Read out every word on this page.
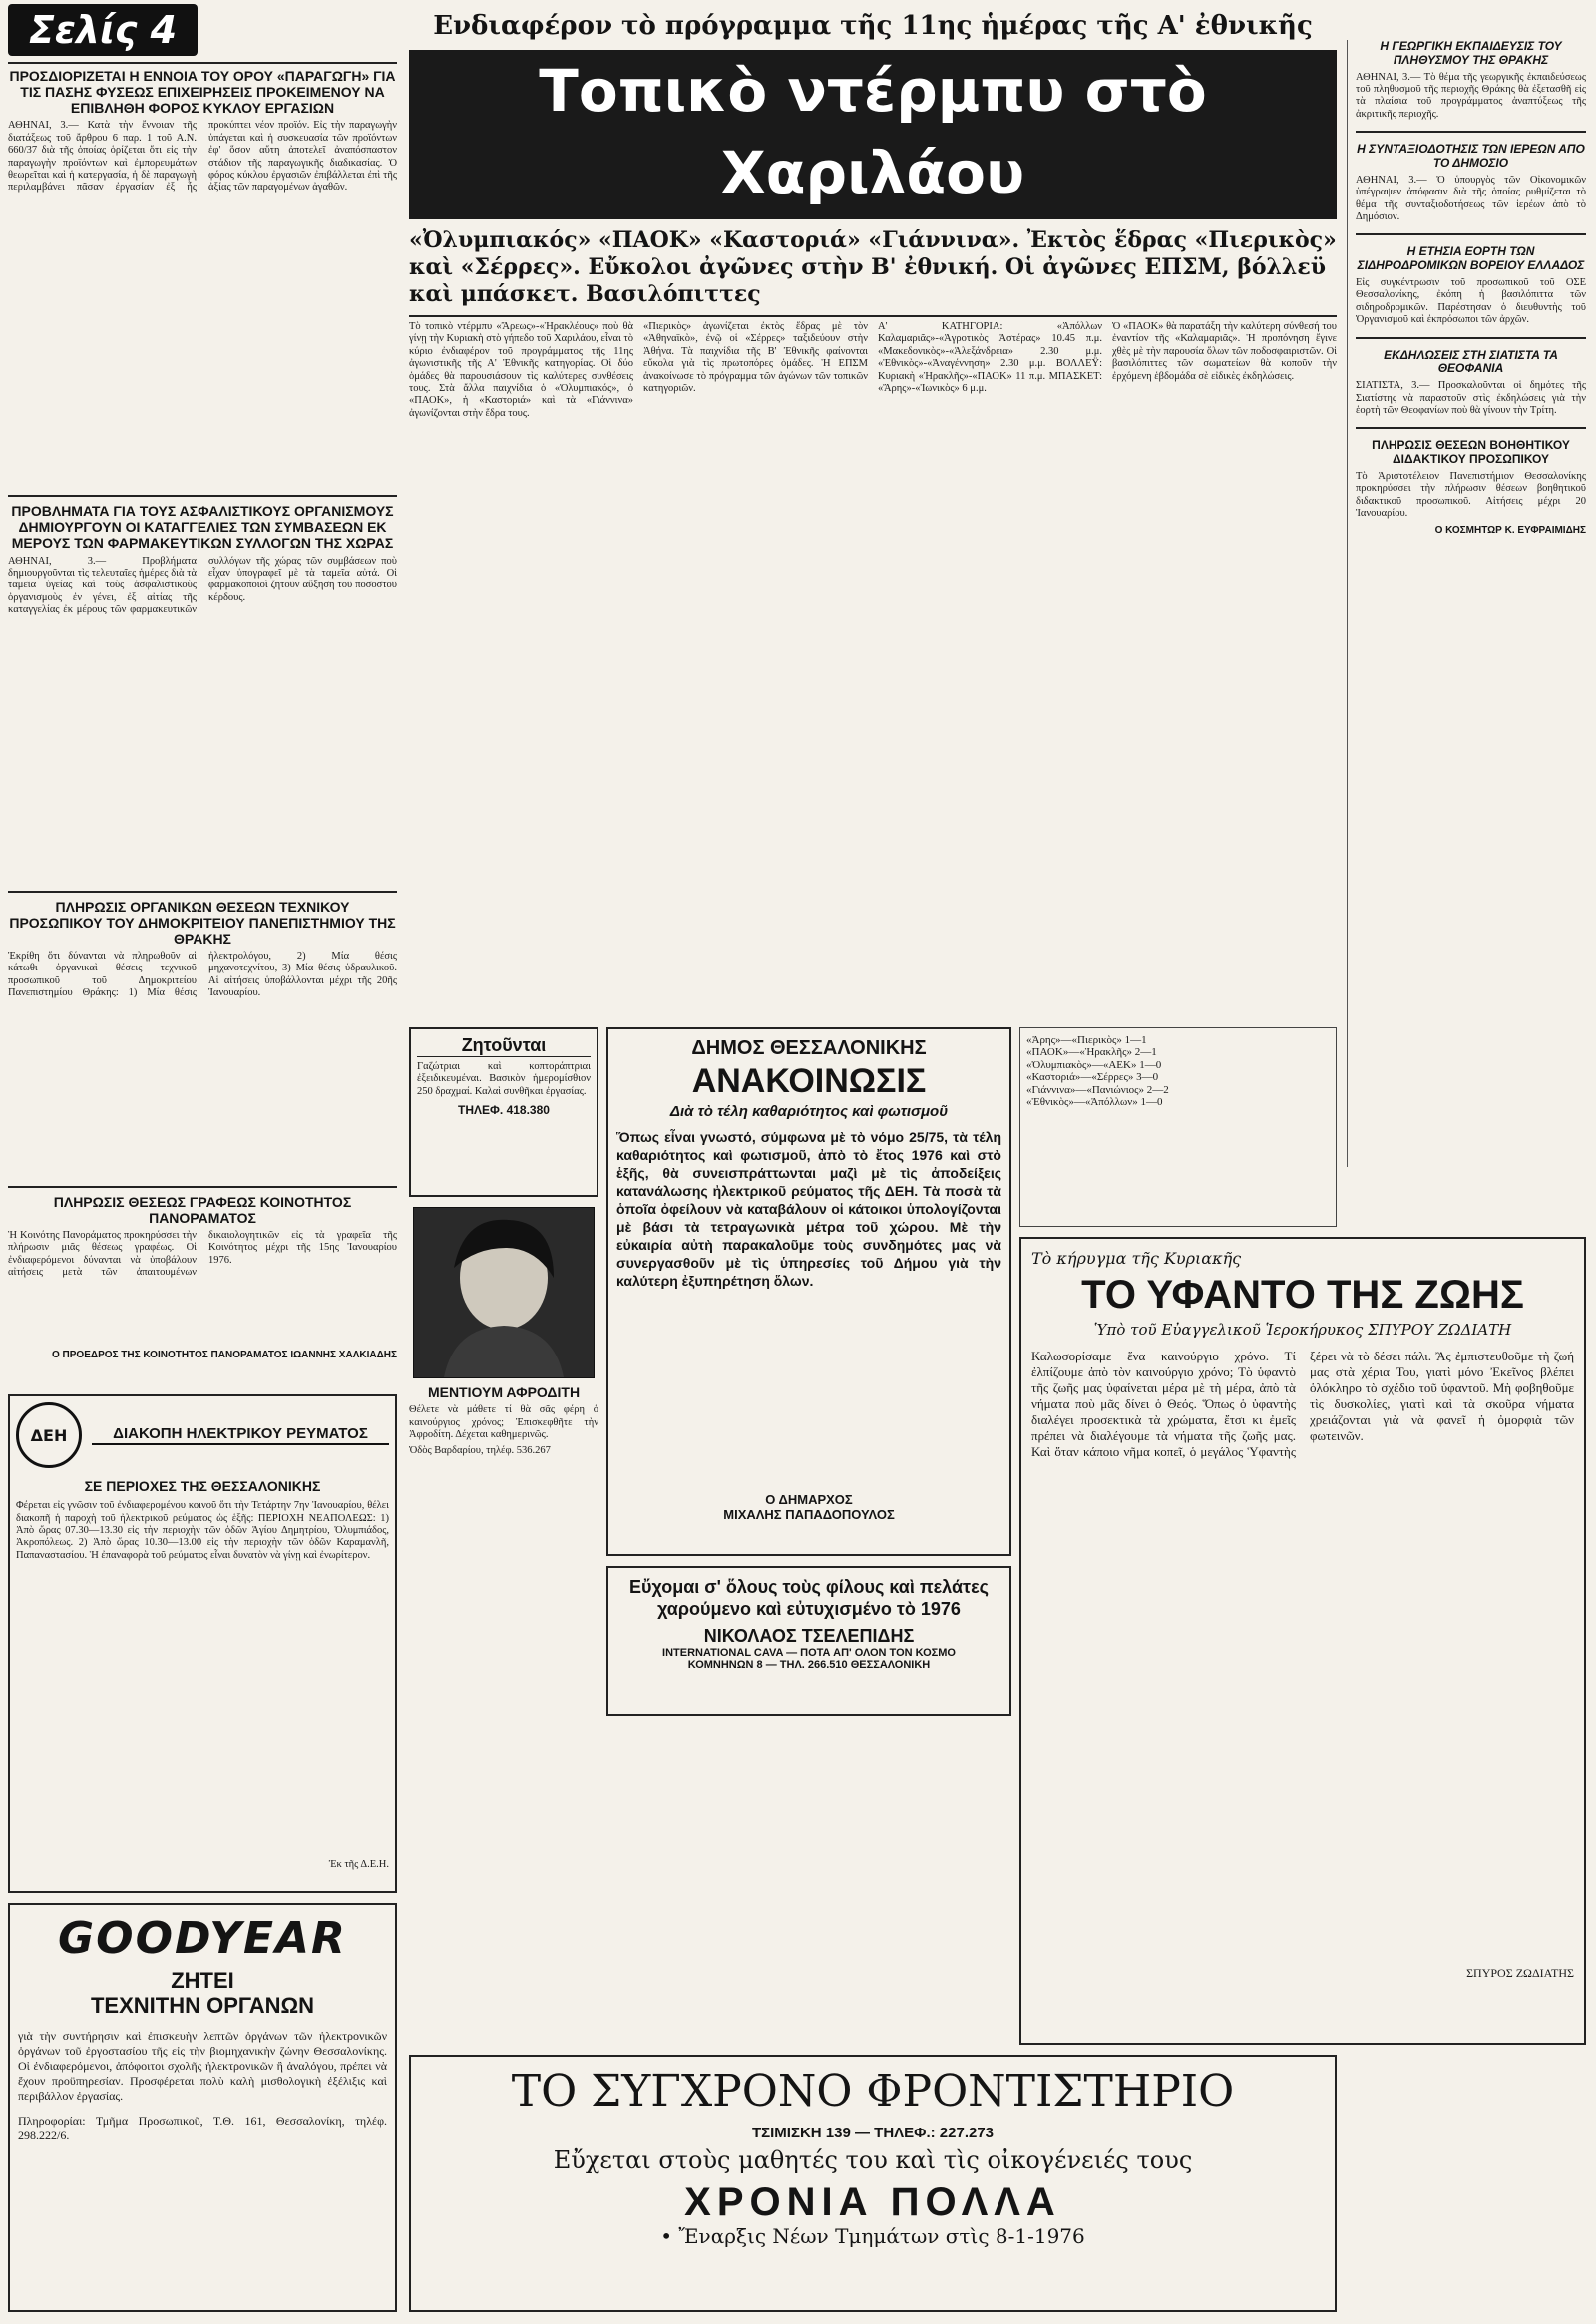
Σελίς 4
ΠΡΟΣΔΙΟΡΙΖΕΤΑΙ Η ΕΝΝΟΙΑ ΤΟΥ ΟΡΟΥ «ΠΑΡΑΓΩΓΗ» ΓΙΑ ΤΙΣ ΠΑΣΗΣ ΦΥΣΕΩΣ ΕΠΙΧΕΙΡΗΣΕΙΣ ΠΡΟΚΕΙΜΕΝΟΥ ΝΑ ΕΠΙΒΛΗΘΗ ΦΟΡΟΣ ΚΥΚΛΟΥ ΕΡΓΑΣΙΩΝ
ΑΘΗΝΑΙ, 3.— Κατὰ τὴν ἔννοιαν τῆς διατάξεως τοῦ ἄρθρου 6 παρ. 1 τοῦ Α.Ν. 660/37 διὰ τῆς ὁποίας ὁρίζεται ὅτι εἰς τὴν παραγωγὴν προϊόντων καὶ ἐμπορευμάτων θεωρεῖται καὶ ἡ κατεργασία, ἡ δὲ παραγωγὴ περιλαμβάνει πᾶσαν ἐργασίαν ἐξ ἧς προκύπτει νέον προϊόν. Εἰς τὴν παραγωγὴν ὑπάγεται καὶ ἡ συσκευασία τῶν προϊόντων ἐφ' ὅσον αὕτη ἀποτελεῖ ἀναπόσπαστον στάδιον τῆς παραγωγικῆς διαδικασίας. Ὁ φόρος κύκλου ἐργασιῶν ἐπιβάλλεται ἐπὶ τῆς ἀξίας τῶν παραγομένων ἀγαθῶν.
ΠΡΟΒΛΗΜΑΤΑ ΓΙΑ ΤΟΥΣ ΑΣΦΑΛΙΣΤΙΚΟΥΣ ΟΡΓΑΝΙΣΜΟΥΣ ΔΗΜΙΟΥΡΓΟΥΝ ΟΙ ΚΑΤΑΓΓΕΛΙΕΣ ΤΩΝ ΣΥΜΒΑΣΕΩΝ ΕΚ ΜΕΡΟΥΣ ΤΩΝ ΦΑΡΜΑΚΕΥΤΙΚΩΝ ΣΥΛΛΟΓΩΝ ΤΗΣ ΧΩΡΑΣ
ΑΘΗΝΑΙ, 3.— Προβλήματα δημιουργοῦνται τὶς τελευταῖες ἡμέρες διὰ τὰ ταμεῖα ὑγείας καὶ τοὺς ἀσφαλιστικοὺς ὀργανισμοὺς ἐν γένει, ἐξ αἰτίας τῆς καταγγελίας ἐκ μέρους τῶν φαρμακευτικῶν συλλόγων τῆς χώρας τῶν συμβάσεων ποὺ εἶχαν ὑπογραφεῖ μὲ τὰ ταμεῖα αὐτά. Οἱ φαρμακοποιοὶ ζητοῦν αὔξηση τοῦ ποσοστοῦ κέρδους.
ΠΛΗΡΩΣΙΣ ΟΡΓΑΝΙΚΩΝ ΘΕΣΕΩΝ ΤΕΧΝΙΚΟΥ ΠΡΟΣΩΠΙΚΟΥ ΤΟΥ ΔΗΜΟΚΡΙΤΕΙΟΥ ΠΑΝΕΠΙΣΤΗΜΙΟΥ ΤΗΣ ΘΡΑΚΗΣ
Ἐκρίθη ὅτι δύνανται νὰ πληρωθοῦν αἱ κάτωθι ὀργανικαὶ θέσεις τεχνικοῦ προσωπικοῦ τοῦ Δημοκριτείου Πανεπιστημίου Θράκης: 1) Μία θέσις ἠλεκτρολόγου, 2) Μία θέσις μηχανοτεχνίτου, 3) Μία θέσις ὑδραυλικοῦ. Αἱ αἰτήσεις ὑποβάλλονται μέχρι τῆς 20ῆς Ἰανουαρίου.
ΠΛΗΡΩΣΙΣ ΘΕΣΕΩΣ ΓΡΑΦΕΩΣ ΚΟΙΝΟΤΗΤΟΣ ΠΑΝΟΡΑΜΑΤΟΣ
Ἡ Κοινότης Πανοράματος προκηρύσσει τὴν πλήρωσιν μιᾶς θέσεως γραφέως. Οἱ ἐνδιαφερόμενοι δύνανται νὰ ὑποβάλουν αἰτήσεις μετὰ τῶν ἀπαιτουμένων δικαιολογητικῶν εἰς τὰ γραφεῖα τῆς Κοινότητος μέχρι τῆς 15ης Ἰανουαρίου 1976.
Ο ΠΡΟΕΔΡΟΣ ΤΗΣ ΚΟΙΝΟΤΗΤΟΣ ΠΑΝΟΡΑΜΑΤΟΣ ΙΩΑΝΝΗΣ ΧΑΛΚΙΑΔΗΣ
ΔΕΗ	ΔΙΑΚΟΠΗ ΗΛΕΚΤΡΙΚΟΥ ΡΕΥΜΑΤΟΣ
ΣΕ ΠΕΡΙΟΧΕΣ ΤΗΣ ΘΕΣΣΑΛΟΝΙΚΗΣ
Φέρεται εἰς γνῶσιν τοῦ ἐνδιαφερομένου κοινοῦ ὅτι τὴν Τετάρτην 7ην Ἰανουαρίου, θέλει διακοπῆ ἡ παροχὴ τοῦ ἠλεκτρικοῦ ρεύματος ὡς ἑξῆς: ΠΕΡΙΟΧΗ ΝΕΑΠΟΛΕΩΣ: 1) Ἀπὸ ὥρας 07.30—13.30 εἰς τὴν περιοχὴν τῶν ὁδῶν Ἀγίου Δημητρίου, Ὀλυμπιάδος, Ἀκροπόλεως. 2) Ἀπὸ ὥρας 10.30—13.00 εἰς τὴν περιοχὴν τῶν ὁδῶν Καραμανλῆ, Παπαναστασίου. Ἡ ἐπαναφορὰ τοῦ ρεύματος εἶναι δυνατὸν νὰ γίνῃ καὶ ἐνωρίτερον.
Ἐκ τῆς Δ.Ε.Η.
GOODYEAR
ΖΗΤΕΙ
ΤΕΧΝΙΤΗΝ ΟΡΓΑΝΩΝ
γιὰ τὴν συντήρησιν καὶ ἐπισκευὴν λεπτῶν ὀργάνων τῶν ἠλεκτρονικῶν ὀργάνων τοῦ ἐργοστασίου τῆς εἰς τὴν βιομηχανικὴν ζώνην Θεσσαλονίκης. Οἱ ἐνδιαφερόμενοι, ἀπόφοιτοι σχολῆς ἠλεκτρονικῶν ἢ ἀναλόγου, πρέπει νὰ ἔχουν προϋπηρεσίαν. Προσφέρεται πολὺ καλὴ μισθολογικὴ ἐξέλιξις καὶ περιβάλλον ἐργασίας.
Πληροφορίαι: Τμῆμα Προσωπικοῦ, Τ.Θ. 161, Θεσσαλονίκη, τηλέφ. 298.222/6.
Ενδιαφέρον τὸ πρόγραμμα τῆς 11ης ἡμέρας τῆς Α' ἐθνικῆς
Τοπικὸ ντέρμπυ στὸ Χαριλάου
«Ὀλυμπιακός» «ΠΑΟΚ» «Καστοριά» «Γιάννινα». Ἐκτὸς ἕδρας «Πιερικὸς» καὶ «Σέρρες». Εὔκολοι ἀγῶνες στὴν Β' ἐθνική. Οἱ ἀγῶνες ΕΠΣΜ, βόλλεϋ καὶ μπάσκετ. Βασιλόπιττες
Τὸ τοπικὸ ντέρμπυ «Ἄρεως»-«Ἡρακλέους» ποὺ θὰ γίνῃ τὴν Κυριακὴ στὸ γήπεδο τοῦ Χαριλάου, εἶναι τὸ κύριο ἐνδιαφέρον τοῦ προγράμματος τῆς 11ης ἀγωνιστικῆς τῆς Α' Ἐθνικῆς κατηγορίας. Οἱ δύο ὁμάδες θὰ παρουσιάσουν τὶς καλύτερες συνθέσεις τους. Στὰ ἄλλα παιχνίδια ὁ «Ὀλυμπιακός», ὁ «ΠΑΟΚ», ἡ «Καστοριά» καὶ τὰ «Γιάννινα» ἀγωνίζονται στὴν ἕδρα τους.
«Πιερικὸς» ἀγωνίζεται ἐκτὸς ἕδρας μὲ τὸν «Ἀθηναϊκὸ», ἐνῷ οἱ «Σέρρες» ταξιδεύουν στὴν Ἀθήνα. Τὰ παιχνίδια τῆς Β' Ἐθνικῆς φαίνονται εὔκολα γιὰ τὶς πρωτοπόρες ὁμάδες. Ἡ ΕΠΣΜ ἀνακοίνωσε τὸ πρόγραμμα τῶν ἀγώνων τῶν τοπικῶν κατηγοριῶν.
Α' ΚΑΤΗΓΟΡΙΑ: «Ἀπόλλων Καλαμαριᾶς»-«Ἀγροτικὸς Ἀστέρας» 10.45 π.μ. «Μακεδονικὸς»-«Ἀλεξάνδρεια» 2.30 μ.μ. «Ἐθνικὸς»-«Ἀναγέννηση» 2.30 μ.μ. ΒΟΛΛΕΫ: Κυριακὴ «Ἡρακλῆς»-«ΠΑΟΚ» 11 π.μ. ΜΠΑΣΚΕΤ: «Ἄρης»-«Ἰωνικὸς» 6 μ.μ.
Ὁ «ΠΑΟΚ» θὰ παρατάξη τὴν καλύτερη σύνθεσή του ἐναντίον τῆς «Καλαμαριᾶς». Ἡ προπόνηση ἔγινε χθὲς μὲ τὴν παρουσία ὅλων τῶν ποδοσφαιριστῶν. Οἱ βασιλόπιττες τῶν σωματείων θὰ κοποῦν τὴν ἐρχόμενη ἑβδομάδα σὲ εἰδικὲς ἐκδηλώσεις.
Ζητοῦνται
Γαζώτριαι καὶ κοπτοράπτριαι ἐξειδικευμέναι. Βασικὸν ἡμερομίσθιον 250 δραχμαί. Καλαὶ συνθῆκαι ἐργασίας.
ΤΗΛΕΦ. 418.380
ΜΕΝΤΙΟΥΜ ΑΦΡΟΔΙΤΗ
Θέλετε νὰ μάθετε τί θὰ σᾶς φέρη ὁ καινούργιος χρόνος; Ἐπισκεφθῆτε τὴν Ἀφροδίτη. Δέχεται καθημερινῶς.
Ὁδὸς Βαρδαρίου, τηλέφ. 536.267
ΔΗΜΟΣ ΘΕΣΣΑΛΟΝΙΚΗΣ
ΑΝΑΚΟΙΝΩΣΙΣ
Διὰ τὸ τέλη καθαριότητος καὶ φωτισμοῦ
Ὅπως εἶναι γνωστό, σύμφωνα μὲ τὸ νόμο 25/75, τὰ τέλη καθαριότητος καὶ φωτισμοῦ, ἀπὸ τὸ ἔτος 1976 καὶ στὸ ἑξῆς, θὰ συνεισπράττωνται μαζὶ μὲ τὶς ἀποδείξεις κατανάλωσης ἠλεκτρικοῦ ρεύματος τῆς ΔΕΗ. Τὰ ποσὰ τὰ ὁποῖα ὀφείλουν νὰ καταβάλουν οἱ κάτοικοι ὑπολογίζονται μὲ βάσι τὰ τετραγωνικὰ μέτρα τοῦ χώρου. Μὲ τὴν εὐκαιρία αὐτὴ παρακαλοῦμε τοὺς συνδημότες μας νὰ συνεργασθοῦν μὲ τὶς ὑπηρεσίες τοῦ Δήμου γιὰ τὴν καλύτερη ἐξυπηρέτηση ὅλων.
Ο ΔΗΜΑΡΧΟΣ
ΜΙΧΑΛΗΣ ΠΑΠΑΔΟΠΟΥΛΟΣ
Εὔχομαι σ' ὅλους τοὺς φίλους καὶ πελάτες χαρούμενο καὶ εὐτυχισμένο τὸ 1976
ΝΙΚΟΛΑΟΣ ΤΣΕΛΕΠΙΔΗΣ
INTERNATIONAL CAVA — ΠΟΤΑ ΑΠ' ΟΛΟΝ ΤΟΝ ΚΟΣΜΟ
ΚΟΜΝΗΝΩΝ 8 — ΤΗΛ. 266.510 ΘΕΣΣΑΛΟΝΙΚΗ
ΤΟ ΣΥΓΧΡΟΝΟ ΦΡΟΝΤΙΣΤΗΡΙΟ
ΤΣΙΜΙΣΚΗ 139 — ΤΗΛΕΦ.: 227.273
Εὔχεται στοὺς μαθητές του καὶ τὶς οἰκογένειές τους
ΧΡΟΝΙΑ ΠΟΛΛΑ
• Ἔναρξις Νέων Τμημάτων στὶς 8-1-1976
Η ΓΕΩΡΓΙΚΗ ΕΚΠΑΙΔΕΥΣΙΣ ΤΟΥ ΠΛΗΘΥΣΜΟΥ ΤΗΣ ΘΡΑΚΗΣ
ΑΘΗΝΑΙ, 3.— Τὸ θέμα τῆς γεωργικῆς ἐκπαιδεύσεως τοῦ πληθυσμοῦ τῆς περιοχῆς Θράκης θὰ ἐξετασθῆ εἰς τὰ πλαίσια τοῦ προγράμματος ἀναπτύξεως τῆς ἀκριτικῆς περιοχῆς.
Η ΣΥΝΤΑΞΙΟΔΟΤΗΣΙΣ ΤΩΝ ΙΕΡΕΩΝ ΑΠΟ ΤΟ ΔΗΜΟΣΙΟ
ΑΘΗΝΑΙ, 3.— Ὁ ὑπουργὸς τῶν Οἰκονομικῶν ὑπέγραψεν ἀπόφασιν διὰ τῆς ὁποίας ρυθμίζεται τὸ θέμα τῆς συνταξιοδοτήσεως τῶν ἱερέων ἀπὸ τὸ Δημόσιον.
Η ΕΤΗΣΙΑ ΕΟΡΤΗ ΤΩΝ ΣΙΔΗΡΟΔΡΟΜΙΚΩΝ ΒΟΡΕΙΟΥ ΕΛΛΑΔΟΣ
Εἰς συγκέντρωσιν τοῦ προσωπικοῦ τοῦ ΟΣΕ Θεσσαλονίκης, ἐκόπη ἡ βασιλόπιττα τῶν σιδηροδρομικῶν. Παρέστησαν ὁ διευθυντὴς τοῦ Ὀργανισμοῦ καὶ ἐκπρόσωποι τῶν ἀρχῶν.
ΕΚΔΗΛΩΣΕΙΣ ΣΤΗ ΣΙΑΤΙΣΤΑ ΤΑ ΘΕΟΦΑΝΙΑ
ΣΙΑΤΙΣΤΑ, 3.— Προσκαλοῦνται οἱ δημότες τῆς Σιατίστης νὰ παραστοῦν στὶς ἐκδηλώσεις γιὰ τὴν ἑορτὴ τῶν Θεοφανίων ποὺ θὰ γίνουν τὴν Τρίτη.
ΠΛΗΡΩΣΙΣ ΘΕΣΕΩΝ ΒΟΗΘΗΤΙΚΟΥ ΔΙΔΑΚΤΙΚΟΥ ΠΡΟΣΩΠΙΚΟΥ
Τὸ Ἀριστοτέλειον Πανεπιστήμιον Θεσσαλονίκης προκηρύσσει τὴν πλήρωσιν θέσεων βοηθητικοῦ διδακτικοῦ προσωπικοῦ. Αἰτήσεις μέχρι 20 Ἰανουαρίου.
Ο ΚΟΣΜΗΤΩΡ Κ. ΕΥΦΡΑΙΜΙΔΗΣ
«Ἀρης»—«Πιερικὸς» 1—1
«ΠΑΟΚ»—«Ἡρακλῆς» 2—1
«Ὀλυμπιακὸς»—«ΑΕΚ» 1—0
«Καστοριά»—«Σέρρες» 3—0
«Γιάννινα»—«Πανιώνιος» 2—2
«Ἐθνικὸς»—«Ἀπόλλων» 1—0
Τὸ κήρυγμα τῆς Κυριακῆς
ΤΟ ΥΦΑΝΤΟ ΤΗΣ ΖΩΗΣ
Ὑπὸ τοῦ Εὐαγγελικοῦ Ἱεροκήρυκος ΣΠΥΡΟΥ ΖΩΔΙΑΤΗ
Καλωσορίσαμε ἕνα καινούργιο χρόνο. Τί ἐλπίζουμε ἀπὸ τὸν καινούργιο χρόνο; Τὸ ὑφαντὸ τῆς ζωῆς μας ὑφαίνεται μέρα μὲ τὴ μέρα, ἀπὸ τὰ νήματα ποὺ μᾶς δίνει ὁ Θεός. Ὅπως ὁ ὑφαντὴς διαλέγει προσεκτικὰ τὰ χρώματα, ἔτσι κι ἐμεῖς πρέπει νὰ διαλέγουμε τὰ νήματα τῆς ζωῆς μας. Καὶ ὅταν κάποιο νῆμα κοπεῖ, ὁ μεγάλος Ὑφαντὴς ξέρει νὰ τὸ δέσει πάλι. Ἂς ἐμπιστευθοῦμε τὴ ζωή μας στὰ χέρια Του, γιατὶ μόνο Ἐκεῖνος βλέπει ὁλόκληρο τὸ σχέδιο τοῦ ὑφαντοῦ. Μὴ φοβηθοῦμε τὶς δυσκολίες, γιατὶ καὶ τὰ σκοῦρα νήματα χρειάζονται γιὰ νὰ φανεῖ ἡ ὀμορφιὰ τῶν φωτεινῶν.
ΣΠΥΡΟΣ ΖΩΔΙΑΤΗΣ
